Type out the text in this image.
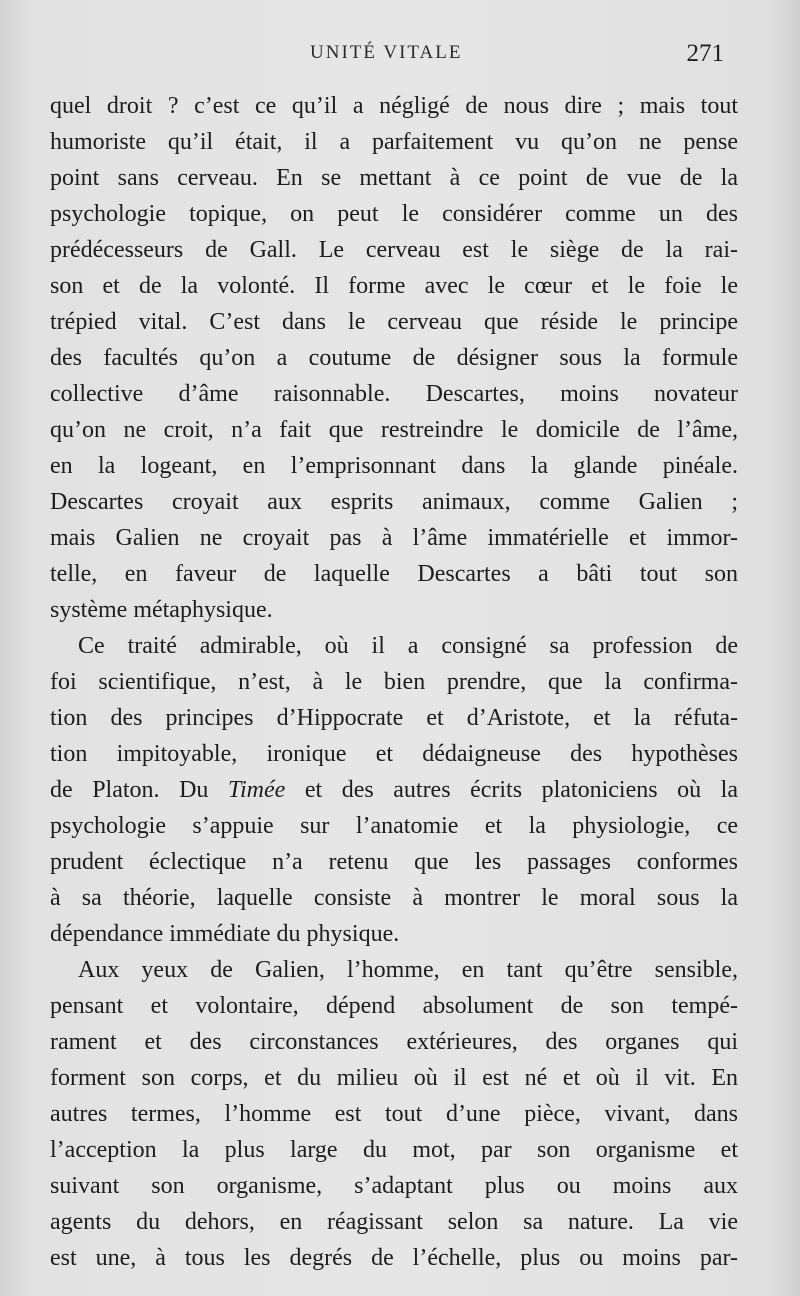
UNITÉ VITALE	271
quel droit ? c’est ce qu’il a négligé de nous dire ; mais tout
humoriste qu’il était, il a parfaitement vu qu’on ne pense
point sans cerveau. En se mettant à ce point de vue de la
psychologie topique, on peut le considérer comme un des
prédécesseurs de Gall. Le cerveau est le siège de la rai-
son et de la volonté. Il forme avec le cœur et le foie le
trépied vital. C’est dans le cerveau que réside le principe
des facultés qu’on a coutume de désigner sous la formule
collective d’âme raisonnable. Descartes, moins novateur
qu’on ne croit, n’a fait que restreindre le domicile de l’âme,
en la logeant, en l’emprisonnant dans la glande pinéale.
Descartes croyait aux esprits animaux, comme Galien ;
mais Galien ne croyait pas à l’âme immatérielle et immor-
telle, en faveur de laquelle Descartes a bâti tout son
système métaphysique.
Ce traité admirable, où il a consigné sa profession de
foi scientifique, n’est, à le bien prendre, que la confirma-
tion des principes d’Hippocrate et d’Aristote, et la réfuta-
tion impitoyable, ironique et dédaigneuse des hypothèses
de Platon. Du Timée et des autres écrits platoniciens où la
psychologie s’appuie sur l’anatomie et la physiologie, ce
prudent éclectique n’a retenu que les passages conformes
à sa théorie, laquelle consiste à montrer le moral sous la
dépendance immédiate du physique.
Aux yeux de Galien, l’homme, en tant qu’être sensible,
pensant et volontaire, dépend absolument de son tempé-
rament et des circonstances extérieures, des organes qui
forment son corps, et du milieu où il est né et où il vit. En
autres termes, l’homme est tout d’une pièce, vivant, dans
l’acception la plus large du mot, par son organisme et
suivant son organisme, s’adaptant plus ou moins aux
agents du dehors, en réagissant selon sa nature. La vie
est une, à tous les degrés de l’échelle, plus ou moins par-
